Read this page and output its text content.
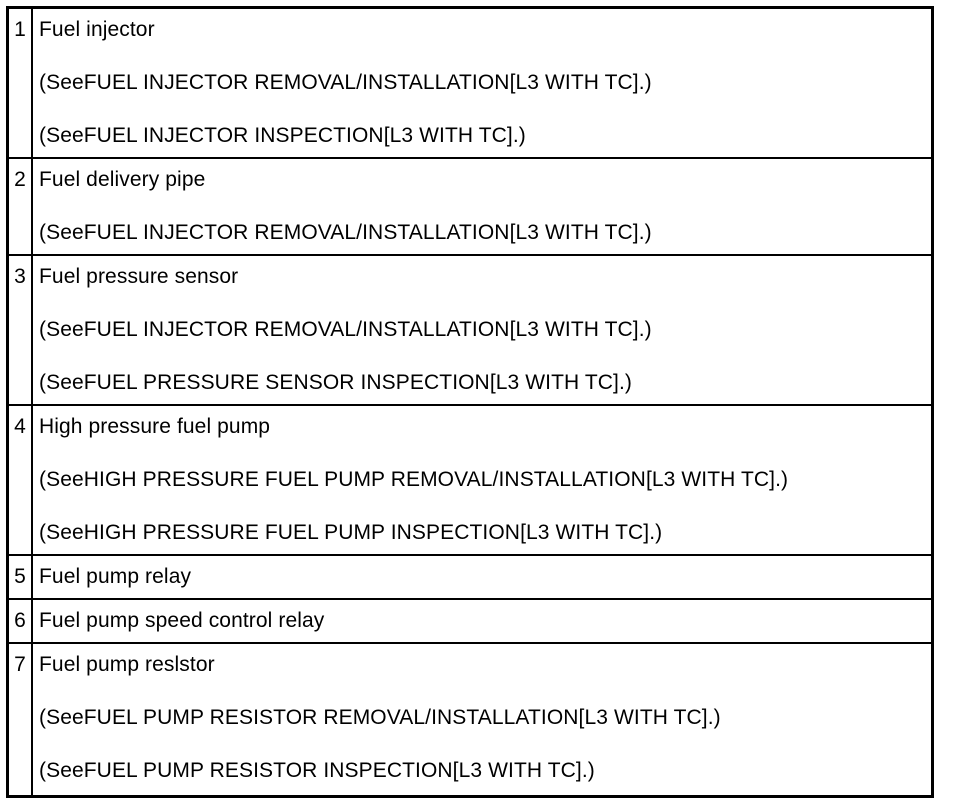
1 Fuel injector
(SeeFUEL INJECTOR REMOVAL/INSTALLATION[L3 WITH TC].)
(SeeFUEL INJECTOR INSPECTION[L3 WITH TC].)
2 Fuel delivery pipe
(SeeFUEL INJECTOR REMOVAL/INSTALLATION[L3 WITH TC].)
3 Fuel pressure sensor
(SeeFUEL INJECTOR REMOVAL/INSTALLATION[L3 WITH TC].)
(SeeFUEL PRESSURE SENSOR INSPECTION[L3 WITH TC].)
4 High pressure fuel pump
(SeeHIGH PRESSURE FUEL PUMP REMOVAL/INSTALLATION[L3 WITH TC].)
(SeeHIGH PRESSURE FUEL PUMP INSPECTION[L3 WITH TC].)
5 Fuel pump relay
6 Fuel pump speed control relay
7 Fuel pump reslstor
(SeeFUEL PUMP RESISTOR REMOVAL/INSTALLATION[L3 WITH TC].)
(SeeFUEL PUMP RESISTOR INSPECTION[L3 WITH TC].)
